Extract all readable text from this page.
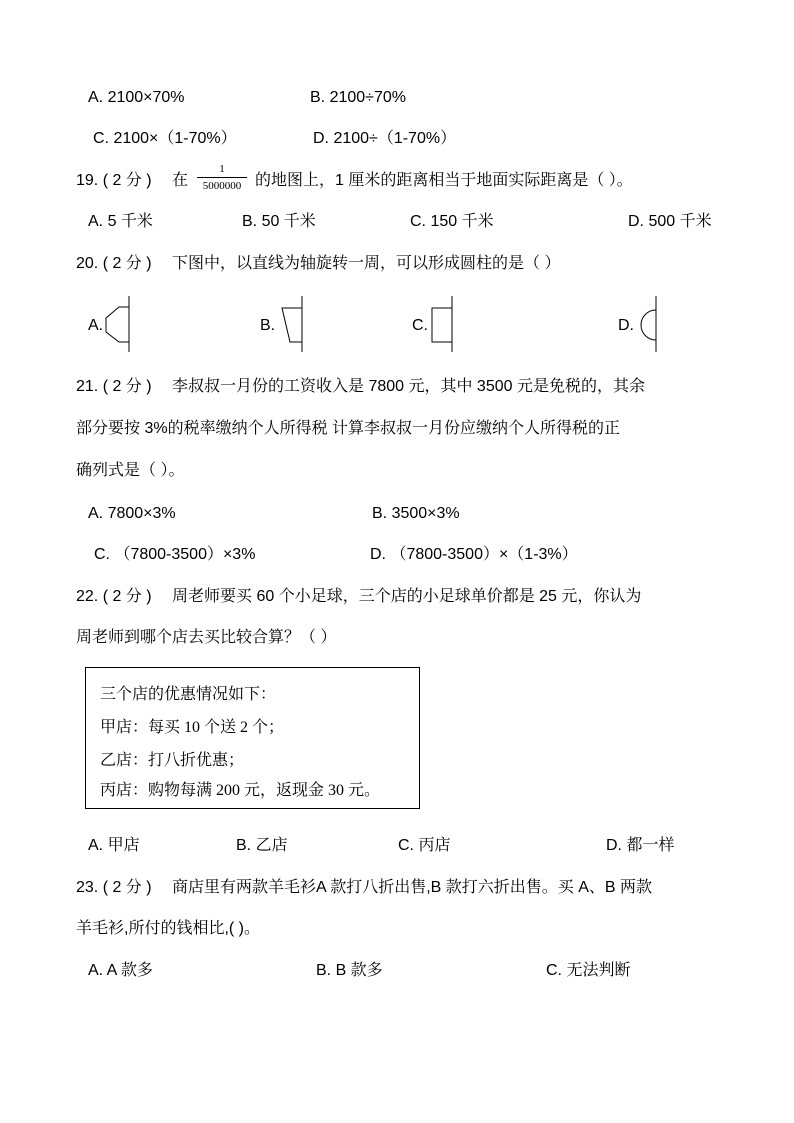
A. 2100×70%	B. 2100÷70%
C. 2100×（1-70%）	D. 2100÷（1-70%）
19. ( 2 分 ) 在
1
5000000 的地图上，1 厘米的距离相当于地面实际距离是（ ）。
A. 5 千米	B. 50 千米	C. 150 千米	D. 500 千米
20. ( 2 分 ) 下图中，以直线为轴旋转一周，可以形成圆柱的是（ ）
A.	B.	C.	D.
21. ( 2 分 ) 李叔叔一月份的工资收入是 7800 元，其中 3500 元是免税的，其余
部分要按 3%的税率缴纳个人所得税 计算李叔叔一月份应缴纳个人所得税的正
确列式是（ ）。
A. 7800×3%	B. 3500×3%
C. （7800-3500）×3%	D. （7800-3500）×（1-3%）
22. ( 2 分 ) 周老师要买 60 个小足球，三个店的小足球单价都是 25 元，你认为
周老师到哪个店去买比较合算？（ ）
三个店的优惠情况如下：
甲店：每买 10 个送 2 个；
乙店：打八折优惠；
丙店：购物每满 200 元，返现金 30 元。
A. 甲店	B. 乙店	C. 丙店	D. 都一样
23. ( 2 分 ) 商店里有两款羊毛衫A 款打八折出售,B 款打六折出售。买 A、B 两款
羊毛衫,所付的钱相比,( )。
A. A 款多	B. B 款多	C. 无法判断
